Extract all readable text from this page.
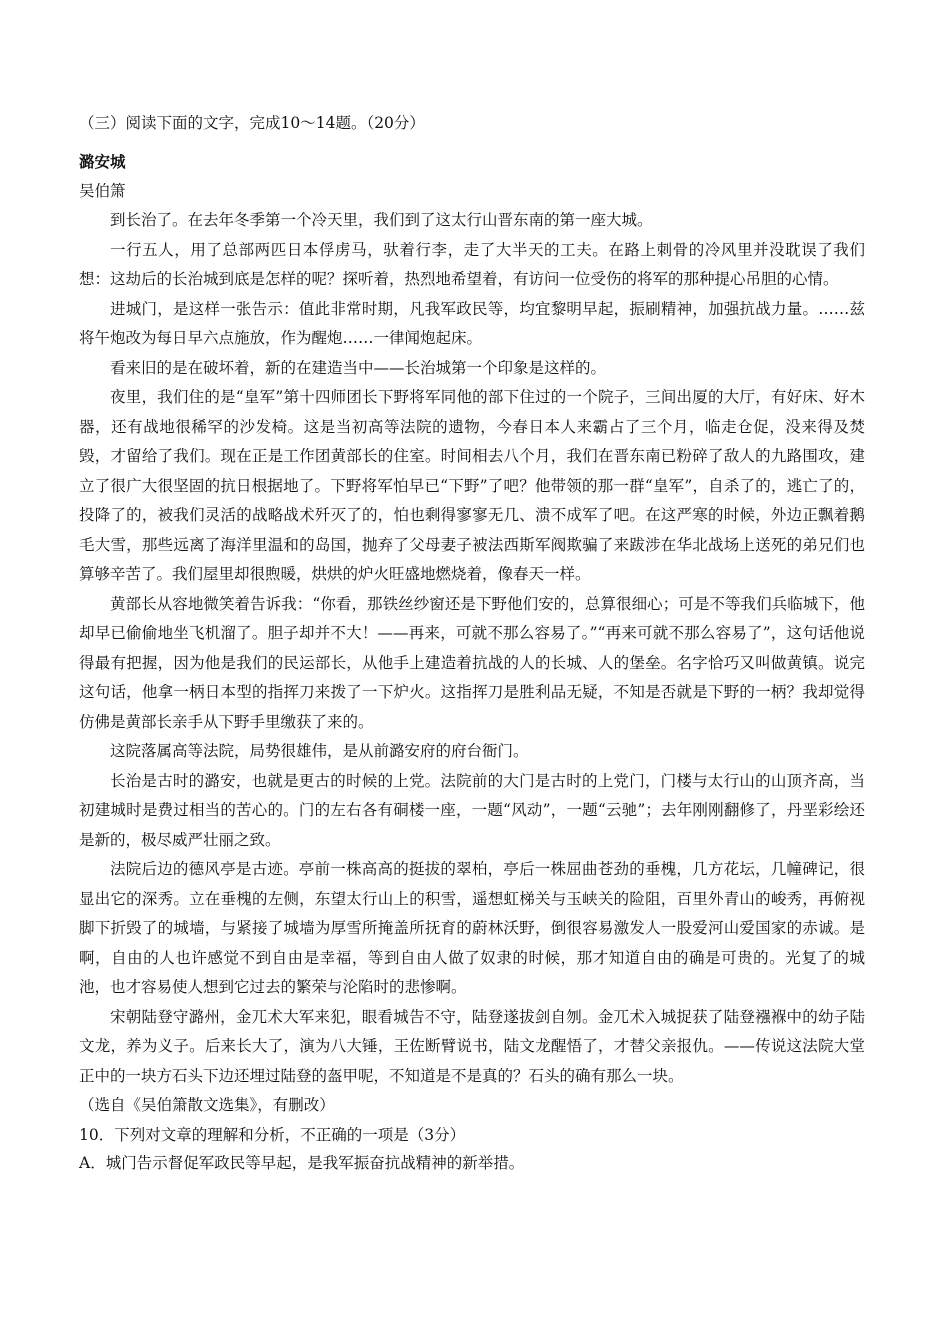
（三）阅读下面的文字，完成10～14题。（20分）

潞安城

吴伯箫

到长治了。在去年冬季第一个冷天里，我们到了这太行山晋东南的第一座大城。

一行五人，用了总部两匹日本俘虏马，驮着行李，走了大半天的工夫。在路上刺骨的冷风里并没耽误了我们想：这劫后的长治城到底是怎样的呢？探听着，热烈地希望着，有访问一位受伤的将军的那种提心吊胆的心情。

进城门，是这样一张告示：值此非常时期，凡我军政民等，均宜黎明早起，振刷精神，加强抗战力量。……兹将午炮改为每日早六点施放，作为醒炮……一律闻炮起床。

看来旧的是在破坏着，新的在建造当中——长治城第一个印象是这样的。

夜里，我们住的是“皇军”第十四师团长下野将军同他的部下住过的一个院子，三间出厦的大厅，有好床、好木器，还有战地很稀罕的沙发椅。这是当初高等法院的遗物，今春日本人来霸占了三个月，临走仓促，没来得及焚毁，才留给了我们。现在正是工作团黄部长的住室。时间相去八个月，我们在晋东南已粉碎了敌人的九路围攻，建立了很广大很坚固的抗日根据地了。下野将军怕早已“下野”了吧？他带领的那一群“皇军”，自杀了的，逃亡了的，投降了的，被我们灵活的战略战术歼灭了的，怕也剩得寥寥无几、溃不成军了吧。在这严寒的时候，外边正飘着鹅毛大雪，那些远离了海洋里温和的岛国，抛弃了父母妻子被法西斯军阀欺骗了来跋涉在华北战场上送死的弟兄们也算够辛苦了。我们屋里却很煦暖，烘烘的炉火旺盛地燃烧着，像春天一样。

黄部长从容地微笑着告诉我：“你看，那铁丝纱窗还是下野他们安的，总算很细心；可是不等我们兵临城下，他却早已偷偷地坐飞机溜了。胆子却并不大！——再来，可就不那么容易了。”“再来可就不那么容易了”，这句话他说得最有把握，因为他是我们的民运部长，从他手上建造着抗战的人的长城、人的堡垒。名字恰巧又叫做黄镇。说完这句话，他拿一柄日本型的指挥刀来拨了一下炉火。这指挥刀是胜利品无疑，不知是否就是下野的一柄？我却觉得仿佛是黄部长亲手从下野手里缴获了来的。

这院落属高等法院，局势很雄伟，是从前潞安府的府台衙门。

长治是古时的潞安，也就是更古的时候的上党。法院前的大门是古时的上党门，门楼与太行山的山顶齐高，当初建城时是费过相当的苦心的。门的左右各有硐楼一座，一题“风动”，一题“云驰”；去年刚刚翻修了，丹垩彩绘还是新的，极尽威严壮丽之致。

法院后边的德风亭是古迹。亭前一株高高的挺拔的翠柏，亭后一株屈曲苍劲的垂槐，几方花坛，几幢碑记，很显出它的深秀。立在垂槐的左侧，东望太行山上的积雪，遥想虹梯关与玉峡关的险阻，百里外青山的峻秀，再俯视脚下折毁了的城墙，与紧接了城墙为厚雪所掩盖所抚育的蔚林沃野，倒很容易激发人一股爱河山爱国家的赤诚。是啊，自由的人也许感觉不到自由是幸福，等到自由人做了奴隶的时候，那才知道自由的确是可贵的。光复了的城池，也才容易使人想到它过去的繁荣与沦陷时的悲惨啊。

宋朝陆登守潞州，金兀术大军来犯，眼看城告不守，陆登遂拔剑自刎。金兀术入城捉获了陆登襁褓中的幼子陆文龙，养为义子。后来长大了，演为八大锤，王佐断臂说书，陆文龙醒悟了，才替父亲报仇。——传说这法院大堂正中的一块方石头下边还埋过陆登的盔甲呢，不知道是不是真的？石头的确有那么一块。

（选自《吴伯箫散文选集》，有删改）

10．下列对文章的理解和分析，不正确的一项是（3分）

A．城门告示督促军政民等早起，是我军振奋抗战精神的新举措。
